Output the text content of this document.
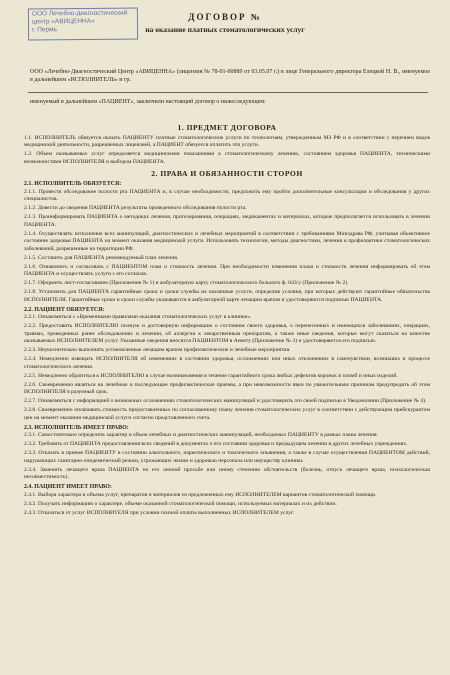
ООО Лечебно-диагностический
центр «АВИЦЕННА»
г. Пермь
ДОГОВОР №
на оказание платных стоматологических услуг
ООО «Лечебно-Диагностический Центр «АВИЦЕННА» (лицензия № 78-01-00889 от 03.05.07 г.) в лице Генерального директора Елецкой Н. В., именуемое в дальнейшем «ИСПОЛНИТЕЛЬ» и гр.
именуемый в дальнейшем «ПАЦИЕНТ», заключили настоящий договор о нижеследующем:
1. ПРЕДМЕТ ДОГОВОРА
1.1. ИСПОЛНИТЕЛЬ обязуется оказать ПАЦИЕНТУ платные стоматологические услуги по технологиям, утвержденным МЗ РФ и в соответствии с перечнем видов медицинской деятельности, разрешенных лицензией, а ПАЦИЕНТ обязуется оплатить эти услуги.
1.2. Объем оказываемых услуг определяется медицинскими показаниями к стоматологическому лечению, состоянием здоровья ПАЦИЕНТА, техническими возможностями ИСПОЛНИТЕЛЯ и выбором ПАЦИЕНТА.
2. ПРАВА И ОБЯЗАННОСТИ СТОРОН
2.1. ИСПОЛНИТЕЛЬ ОБЯЗУЕТСЯ:
2.1.1. Провести обследование полости рта ПАЦИЕНТА и, в случае необходимости, предложить ему пройти дополнительные консультации и обследования у других специалистов.
2.1.2. Довести до сведения ПАЦИЕНТА результаты проведенного обследования полости рта.
2.1.3. Проинформировать ПАЦИЕНТА о методиках лечения, протезирования, операциях, медикаментах и материалах, которые предполагается использовать в лечении ПАЦИЕНТА.
2.1.4. Осуществлять исполнение всех манипуляций, диагностических и лечебных мероприятий в соответствии с требованиями Минздрава РФ, учитывая объективное состояние здоровья ПАЦИЕНТА на момент оказания медицинской услуги. Использовать технологии, методы диагностики, лечения и профилактики стоматологических заболеваний, разрешенные на территории РФ.
2.1.5. Составить для ПАЦИЕНТА рекомендуемый план лечения.
2.1.6. Ознакомить и согласовать с ПАЦИЕНТОМ план и стоимость лечения. При необходимости изменения плана и стоимости лечения информировать об этом ПАЦИЕНТА и осуществлять услуги с его согласия.
2.1.7. Оформить лист-согласование (Приложение № 1) и амбулаторную карту стоматологического больного ф. 043/у (Приложение № 2).
2.1.8. Установить для ПАЦИЕНТА гарантийные сроки и сроки службы на оказанные услуги, определив условия, при которых действуют гарантийные обязательства ИСПОЛНИТЕЛЯ. Гарантийные сроки и сроки службы указываются в амбулаторной карте лечащим врачом и удостоверяются подписью ПАЦИЕНТА.
2.2. ПАЦИЕНТ ОБЯЗУЕТСЯ:
2.2.1. Ознакомиться с «Временными правилами оказания стоматологических услуг в клинике».
2.2.2. Предоставить ИСПОЛНИТЕЛЮ полную и достоверную информацию о состоянии своего здоровья, о перенесенных и имеющихся заболеваниях, операциях, травмах, проведенных ранее обследованиях и лечении, об аллергии к лекарственным препаратам, а также иные сведения, которые могут сказаться на качестве оказываемых ИСПОЛНИТЕЛЕМ услуг. Указанные сведения вносятся ПАЦИЕНТОМ в Анкету (Приложение № 3) и удостоверяются его подписью.
2.2.3. Неукоснительно выполнять установленные лечащим врачом профилактические и лечебные мероприятия.
2.2.4. Немедленно извещать ИСПОЛНИТЕЛЯ об изменениях в состоянии здоровья, осложнениях или иных отклонениях в самочувствии, возникших в процессе стоматологического лечения.
2.2.5. Немедленно обратиться к ИСПОЛНИТЕЛЮ в случае возникновения в течение гарантийного срока любых дефектов коронок и пломб и иных изделий.
2.2.6. Своевременно являться на лечебные и последующие профилактические приемы, а при невозможности явки по уважительным причинам предупредить об этом ИСПОЛНИТЕЛЯ в разумный срок.
2.2.7. Ознакомиться с информацией о возможных осложнениях стоматологических манипуляций и удостоверить это своей подписью в Уведомлении (Приложение № 4).
2.2.8. Своевременно оплачивать стоимость предоставленных по согласованному плану лечения стоматологических услуг в соответствии с действующим прейскурантом цен на момент оказания медицинской услуги согласно представленного счета.
2.3. ИСПОЛНИТЕЛЬ ИМЕЕТ ПРАВО:
2.3.1. Самостоятельно определять характер и объем лечебных и диагностических манипуляций, необходимых ПАЦИЕНТУ в рамках плана лечения.
2.3.2. Требовать от ПАЦИЕНТА предоставления всех сведений в документах о его состоянии здоровья и предыдущем лечении в других лечебных учреждениях.
2.3.3. Отказать в приеме ПАЦИЕНТУ в состоянии алкогольного, наркотического и токсического опьянения, а также в случае осуществления ПАЦИЕНТОМ действий, нарушающих санитарно-эпидемический режим, угрожающих жизни и здоровью персонала или имуществу клиники.
2.3.4. Заменить лечащего врача ПАЦИЕНТА по его личной просьбе или иному стечению обстоятельств (болезнь, отпуск лечащего врача, психологическая несовместимость).
2.4. ПАЦИЕНТ ИМЕЕТ ПРАВО:
2.4.1. Выбора характера и объема услуг, препаратов и материалов из предложенных ему ИСПОЛНИТЕЛЕМ вариантов стоматологической помощи.
2.4.2. Получать информацию о характере, объеме оказанной стоматологической помощи, используемых материалах и их действии.
2.4.3. Отказаться от услуг ИСПОЛНИТЕЛЯ при условии полной оплаты выполненных ИСПОЛНИТЕЛЕМ услуг.
